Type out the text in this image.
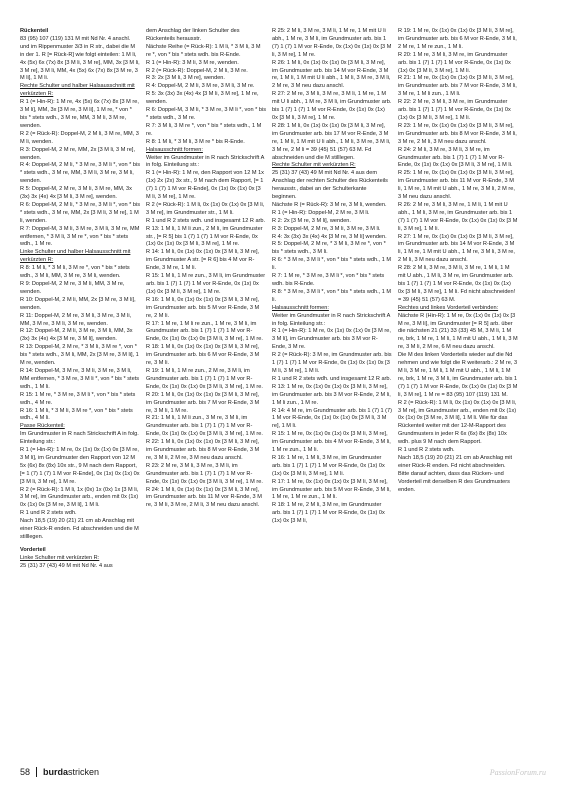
Rückenteil

83 (95) 107 (119) 131 M mit Nd Nr. 4 anschl. und im Rippenmuster 3/3 in R str., dabei die M in der 1. R [= Rück-R] wie folgt einteilen: 1 M li, 4x (5x) 6x (7x) 8x [3 M li, 3 M re], MM, 3x [3 M li, 3 M re], 3 M li, MM, 4x (5x) 6x (7x) 8x [3 M re, 3 M li], 1 M li.

Rechte Schulter und halber Halsausschnitt mit verkürzten R:

R 1 (= Hin-R): 1 M re, 4x (5x) 6x (7x) 8x [3 M re, 3 M li], MM, 3x [3 M re, 3 M li], 1 M re, * von * bis * stets wdh., 3 M re, MM, 3 M li, 3 M re, wenden.

R 2 (= Rück-R): Doppel-M, 2 M li, 3 M re, MM, 3 M li, wenden.

R 3: Doppel-M, 2 M re, MM, 2x [3 M li, 3 M re], wenden.

R 4: Doppel-M, 2 M li, * 3 M re, 3 M li *, von * bis * stets wdh., 3 M re, MM, 3 M li, 3 M re, 3 M li, wenden.

R 5: Doppel-M, 2 M re, 3 M li, 3 M re, MM, 3x (3x) 3x (4x) 4x [3 M li, 3 M re], wenden.

R 6: Doppel-M, 2 M li, * 3 M re, 3 M li *, von * bis * stets wdh., 3 M re, MM, 2x [3 M li, 3 M re], 1 M li, wenden.

R 7: Doppel-M, 3 M li, 3 M re, 3 M li, 3 M re, MM entfernen, * 3 M li, 3 M re *, von * bis * stets wdh., 1 M re.

Linke Schulter und halber Halsausschnitt mit verkürzten R:

R 8: 1 M li, * 3 M li, 3 M re *, von * bis * stets wdh., 3 M li, MM, 3 M re, 3 M li, wenden.

R 9: Doppel-M, 2 M re, 3 M li, MM, 3 M re, wenden.

R 10: Doppel-M, 2 M li, MM, 2x [3 M re, 3 M li], wenden.

R 11: Doppel-M, 2 M re, 3 M li, 3 M re, 3 M li, MM, 3 M re, 3 M li, 3 M re, wenden.

R 12: Doppel-M, 2 M li, 3 M re, 3 M li, MM, 3x (3x) 3x (4x) 4x [3 M re, 3 M li], wenden.

R 13: Doppel-M, 2 M re, * 3 M li, 3 M re *, von * bis * stets wdh., 3 M li, MM, 2x [3 M re, 3 M li], 1 M re, wenden.

R 14: Doppel-M, 3 M re, 3 M li, 3 M re, 3 M li, MM entfernen, * 3 M re, 3 M li *, von * bis * stets wdh., 1 M li.

R 15: 1 M re, * 3 M re, 3 M li *, von * bis * stets wdh., 4 M re.

R 16: 1 M li, * 3 M li, 3 M re *, von * bis * stets wdh., 4 M li.

Passe Rückenteil:

Im Grundmuster in R nach Strickschrift A in folg. Einteilung str.:

R 1 (= Hin-R): 1 M re, 0x (1x) 0x (1x) 0x [3 M re, 3 M li], im Grundmuster den Rapport von 12 M 5x (6x) 8x (8x) 10x str., 9 M nach dem Rapport, [= 1 (7) 1 (7) 1 M vor R-Ende], 0x (1x) 0x (1x) 0x [3 M li, 3 M re], 1 M re.

R 2 (= Rück-R): 1 M li, 1x (0x) 1x (0x) 1x [3 M li, 3 M re], im Grundmuster arb., enden mit 0x (1x) 0x (1x) 0x [3 M re, 3 M li], 1 M li.

R 1 und R 2 stets wdh.

Nach 18,5 (19) 20 (21) 21 cm ab Anschlag mit einer Rück-R enden. Fd abschneiden und die M stilllegen.

Vorderteil

Linke Schulter mit verkürzten R:

25 (31) 37 (43) 49 M mit Nd Nr. 4 aus

dem Anschlag der linken Schulter des Rückenteils herausstr.

Nächste Reihe (= Rück-R): 1 M li, * 3 M li, 3 M re *, von * bis * stets wdh. bis R-Ende.

R 1 (= Hin-R): 3 M li, 3 M re, wenden.

R 2 (= Rück-R): Doppel-M, 2 M li, 3 M re.

R 3: 2x [3 M li, 3 M re], wenden.

R 4: Doppel-M, 2 M li, 3 M re, 3 M li, 3 M re.

R 5: 3x (3x) 3x (4x) 4x [3 M li, 3 M re], 1 M re, wenden.

R 6: Doppel-M, 3 M li, * 3 M re, 3 M li *, von * bis * stets wdh., 3 M re.

R 7: 3 M li, 3 M re *, von * bis * stets wdh., 1 M re.

R 8: 1 M li, * 3 M li, 3 M re * bis R-Ende.

Halsausschnitt formen:

Weiter im Grundmuster in R nach Strickschrift A in folg. Einteilung str.:

R 1 (= Hin-R): 1 M re, den Rapport von 12 M 1x (1x) 2x (2x) 3x str., 9 M nach dem Rapport, [= 1 (7) 1 (7) 1 M vor R-Ende], 0x (1x) 0x (1x) 0x [3 M li, 3 M re], 1 M re.

R 2 (= Rück-R): 1 M li, 0x (1x) 0x (1x) 0x [3 M li, 3 M re], im Grundmuster str., 1 M li.

R 1 und R 2 stets wdh. und insgesamt 12 R arb.

R 13: 1 M li, 1 M li zun., 2 M li, im Grundmuster str., [= R 5] bis 1 (7) 1 (7) 1 M vor R-Ende, 0x (1x) 0x (1x) 0x [3 M li, 3 M re], 1 M re.

R 14: 1 M li, 0x (1x) 0x (1x) 0x [3 M li, 3 M re], im Grundmuster A str. [= R 6] bis 4 M vor R-Ende, 3 M re, 1 M li.

R 15: 1 M li, 1 M re zun., 3 M li, im Grundmuster arb. bis 1 (7) 1 (7) 1 M vor R-Ende, 0x (1x) 0x (1x) 0x [3 M li, 3 M re], 1 M re.

R 16: 1 M li, 0x (1x) 0x (1x) 0x [3 M li, 3 M re], im Grundmuster arb. bis 5 M vor R-Ende, 3 M re, 2 M li.

R 17: 1 M re, 1 M li re zun., 1 M re, 3 M li, im Grundmuster arb. bis 1 (7) 1 (7) 1 M vor R-Ende, 0x (1x) 0x (1x) 0x [3 M li, 3 M re], 1 M re.

R 18: 1 M li, 0x (1x) 0x (1x) 0x [3 M li, 3 M re], im Grundmuster arb. bis 6 M vor R-Ende, 3 M re, 3 M li.

R 19: 1 M li, 1 M re zun., 2 M re, 3 M li, im Grundmuster arb. bis 1 (7) 1 (7) 1 M vor R-Ende, 0x (1x) 0x (1x) 0x [3 M li, 3 M re], 1 M re.

R 20: 1 M li, 0x (1x) 0x (1x) 0x [3 M li, 3 M re], im Grundmuster arb. bis 7 M vor R-Ende, 3 M re, 3 M li, 1 M re.

R 21: 1 M li, 1 M li zun., 3 M re, 3 M li, im Grundmuster arb. bis 1 (7) 1 (7) 1 M vor R-Ende, 0x (1x) 0x (1x) 0x [3 M li, 3 M re], 1 M re.

R 22: 1 M li, 0x (1x) 0x (1x) 0x [3 M li, 3 M re], im Grundmuster arb. bis 8 M vor R-Ende, 3 M re, 3 M li, 2 M re, 3 M neu dazu anschl.

R 23: 2 M re, 3 M li, 3 M re, 3 M li, im Grundmuster arb. bis 1 (7) 1 (7) 1 M vor R-Ende, 0x (1x) 0x (1x) 0x [3 M li, 3 M re], 1 M re.

R 24: 1 M li, 0x (1x) 0x (1x) 0x [3 M li, 3 M re], im Grundmuster arb. bis 11 M vor R-Ende, 3 M re, 3 M li, 3 M re, 2 M li, 3 M neu dazu anschl.

R 25: 2 M li, 3 M re, 3 M li, 1 M re, 1 M mit U li abh., 1 M re, 3 M li, im Grundmuster arb. bis 1 (7) 1 (7) 1 M vor R-Ende, 0x (1x) 0x (1x) 0x [3 M li, 3 M re], 1 M re.

R 26: 1 M li, 0x (1x) 0x (1x) 0x [3 M li, 3 M re], im Grundmuster arb. bis 14 M vor R-Ende, 3 M re, 1 M li, 1 M mit U li abh., 1 M li, 3 M re, 3 M li, 2 M re, 3 M neu dazu anschl.

R 27: 2 M re, 3 M li, 3 M re, 3 M li, 1 M re, 1 M mit U li abh., 1 M re, 3 M li, im Grundmuster arb. bis 1 (7) 1 (7) 1 M vor R-Ende, 0x (1x) 0x (1x) 0x [3 M li, 3 M re], 1 M re.

R 28: 1 M li, 0x (1x) 0x (1x) 0x [3 M li, 3 M re], im Grundmuster arb. bis 17 M vor R-Ende, 3 M re, 1 M li, 1 M mit U li abh., 1 M li, 3 M re, 3 M li, 3 M re, 2 M li = 39 (45) 51 (57) 63 M. Fd abschneiden und die M stilllegen.

Rechte Schulter mit verkürzten R:

25 (31) 37 (43) 49 M mit Nd Nr. 4 aus dem Anschlag der rechten Schulter des Rückenteils herausstr., dabei an der Schulterkante beginnen.

Nächste R (= Rück-R): 3 M re, 3 M li, wenden.

R 1 (= Hin-R): Doppel-M, 2 M re, 3 M li.

R 2: 2x [3 M re, 3 M li], wenden.

R 3: Doppel-M, 2 M re, 3 M li, 3 M re, 3 M li.

R 4: 3x (3x) 3x (4x) 4x [3 M re, 3 M li] wenden.

R 5: Doppel-M, 2 M re, * 3 M li, 3 M re *, von * bis * stets wdh., 3 M li.

R 6: * 3 M re, 3 M li *, von * bis * stets wdh., 1 M li.

R 7: 1 M re, * 3 M re, 3 M li *, von * bis * stets wdh. bis R-Ende.

R 8: * 3 M re, 3 M li *, von * bis * stets wdh., 1 M li.

Halsausschnitt formen:

Weiter im Grundmuster in R nach Strickschrift A in folg. Einteilung str.:

R 1 (= Hin-R): 1 M re, 0x (1x) 0x (1x) 0x [3 M re, 3 M li], im Grundmuster arb. bis 3 M vor R-Ende, 3 M re.

R 2 (= Rück-R): 3 M re, im Grundmuster arb. bis 1 (7) 1 (7) 1 M vor R-Ende, 0x (1x) 0x (1x) 0x [3 M li, 3 M re], 1 M li.

R 1 und R 2 stets wdh. und insgesamt 12 R arb.

R 13: 1 M re, 0x (1x) 0x (1x) 0x [3 M li, 3 M re], im Grundmuster arb. bis 3 M vor R-Ende, 2 M li, 1 M li zun., 1 M re.

R 14: 4 M re, im Grundmuster arb. bis 1 (7) 1 (7) 1 M vor R-Ende, 0x (1x) 0x (1x) 0x [3 M li, 3 M re], 1 M li.

R 15: 1 M re, 0x (1x) 0x (1x) 0x [3 M li, 3 M re], im Grundmuster arb. bis 4 M vor R-Ende, 3 M li, 1 M re zun., 1 M li.

R 16: 1 M re, 1 M li, 3 M re, im Grundmuster arb. bis 1 (7) 1 (7) 1 M vor R-Ende, 0x (1x) 0x (1x) 0x [3 M li, 3 M re], 1 M li.

R 17: 1 M re, 0x (1x) 0x (1x) 0x [3 M li, 3 M re], im Grundmuster arb. bis 5 M vor R-Ende, 3 M li, 1 M re, 1 M re zun., 1 M li.

R 18: 1 M re, 2 M li, 3 M re, im Grundmuster arb. bis 1 (7) 1 (7) 1 M vor R-Ende, 0x (1x) 0x (1x) 0x [3 M li,

R 19: 1 M re, 0x (1x) 0x (1x) 0x [3 M li, 3 M re], im Grundmuster arb. bis 6 M vor R-Ende, 3 M li, 2 M re, 1 M re zun., 1 M li.

R 20: 1 M re, 3 M li, 3 M re, im Grundmuster arb. bis 1 (7) 1 (7) 1 M vor R-Ende, 0x (1x) 0x (1x) 0x [3 M li, 3 M re], 1 M li.

R 21: 1 M re, 0x (1x) 0x (1x) 0x [3 M li, 3 M re], im Grundmuster arb. bis 7 M vor R-Ende, 3 M li, 3 M re, 1 M li zun., 1 M li.

R 22: 2 M re, 3 M li, 3 M re, im Grundmuster arb. bis 1 (7) 1 (7) 1 M vor R-Ende, 0x (1x) 0x (1x) 0x [3 M li, 3 M re], 1 M li.

R 23: 1 M re, 0x (1x) 0x (1x) 0x [3 M li, 3 M re], im Grundmuster arb. bis 8 M vor R-Ende, 3 M li, 3 M re, 2 M li, 3 M neu dazu anschl.

R 24: 2 M li, 3 M re, 3 M li, 3 M re, im Grundmuster arb. bis 1 (7) 1 (7) 1 M vor R-Ende, 0x (1x) 0x (1x) 0x [3 M li, 3 M re], 1 M li.

R 25: 1 M re, 0x (1x) 0x (1x) 0x [3 M li, 3 M re], im Grundmuster arb. bis 11 M vor R-Ende, 3 M li, 1 M re, 1 M mit U abh., 1 M re, 3 M li, 2 M re, 3 M neu dazu anschl.

R 26: 2 M re, 3 M li, 3 M re, 1 M li, 1 M mit U abh., 1 M li, 3 M re, im Grundmuster arb. bis 1 (7) 1 (7) 1 M vor R-Ende, 0x (1x) 0x (1x) 0x [3 M li, 3 M re], 1 M li.

R 27: 1 M re, 0x (1x) 0x (1x) 0x [3 M li, 3 M re], im Grundmuster arb. bis 14 M vor R-Ende, 3 M li, 1 M re, 1 M mit U abh., 1 M re, 3 M li, 3 M re, 2 M li, 3 M neu dazu anschl.

R 28: 2 M li, 3 M re, 3 M li, 3 M re, 1 M li, 1 M mit U abh., 1 M li, 3 M re, im Grundmuster arb. bis 1 (7) 1 (7) 1 M vor R-Ende, 0x (1x) 0x (1x) 0x [3 M li, 3 M re], 1 M li. Fd nicht abschneiden! = 39 (45) 51 (57) 63 M.

Rechtes und linkes Vorderteil verbinden:

Nächste R (Hin-R): 1 M re, 0x (1x) 0x (1x) 0x [3 M re, 3 M li], im Grundmuster [= R 5] arb. über die nächsten 21 (21) 33 (33) 45 M, 3 M li, 1 M re, brk, 1 M re, 1 M li, 1 M mit U abh., 1 M li, 3 M re, 3 M li, 2 M re, 6 M neu dazu anschl.

Die M des linken Vorderteils wieder auf die Nd nehmen und wie folgt die R weiterarb.: 2 M re, 3 M li, 3 M re, 1 M li, 1 M mit U abh., 1 M li, 1 M re, brk, 1 M re, 3 M li, im Grundmuster arb. bis 1 (7) 1 (7) 1 M vor R-Ende, 0x (1x) 0x (1x) 0x [3 M li, 3 M re], 1 M re = 83 (95) 107 (119) 131 M.

R 2 (= Rück-R): 1 M li, 0x (1x) 0x (1x) 0x [3 M li, 3 M re], im Grundmuster arb., enden mit 0x (1x) 0x (1x) 0x [3 M re, 3 M li], 1 M li. Wie für das Rückenteil weiter mit der 12-M-Rapport des Grundmusters in jeder R 6x (6x) 8x (8x) 10x wdh. plus 9 M nach dem Rapport.

R 1 und R 2 stets wdh.

Nach 18,5 (19) 20 (21) 21 cm ab Anschlag mit einer Rück-R enden. Fd nicht abschneiden.

Bitte darauf achten, dass das Rücken- und Vorderteil mit derselben R des Grundmusters enden.

58 burda stricken	PassionForum.ru
